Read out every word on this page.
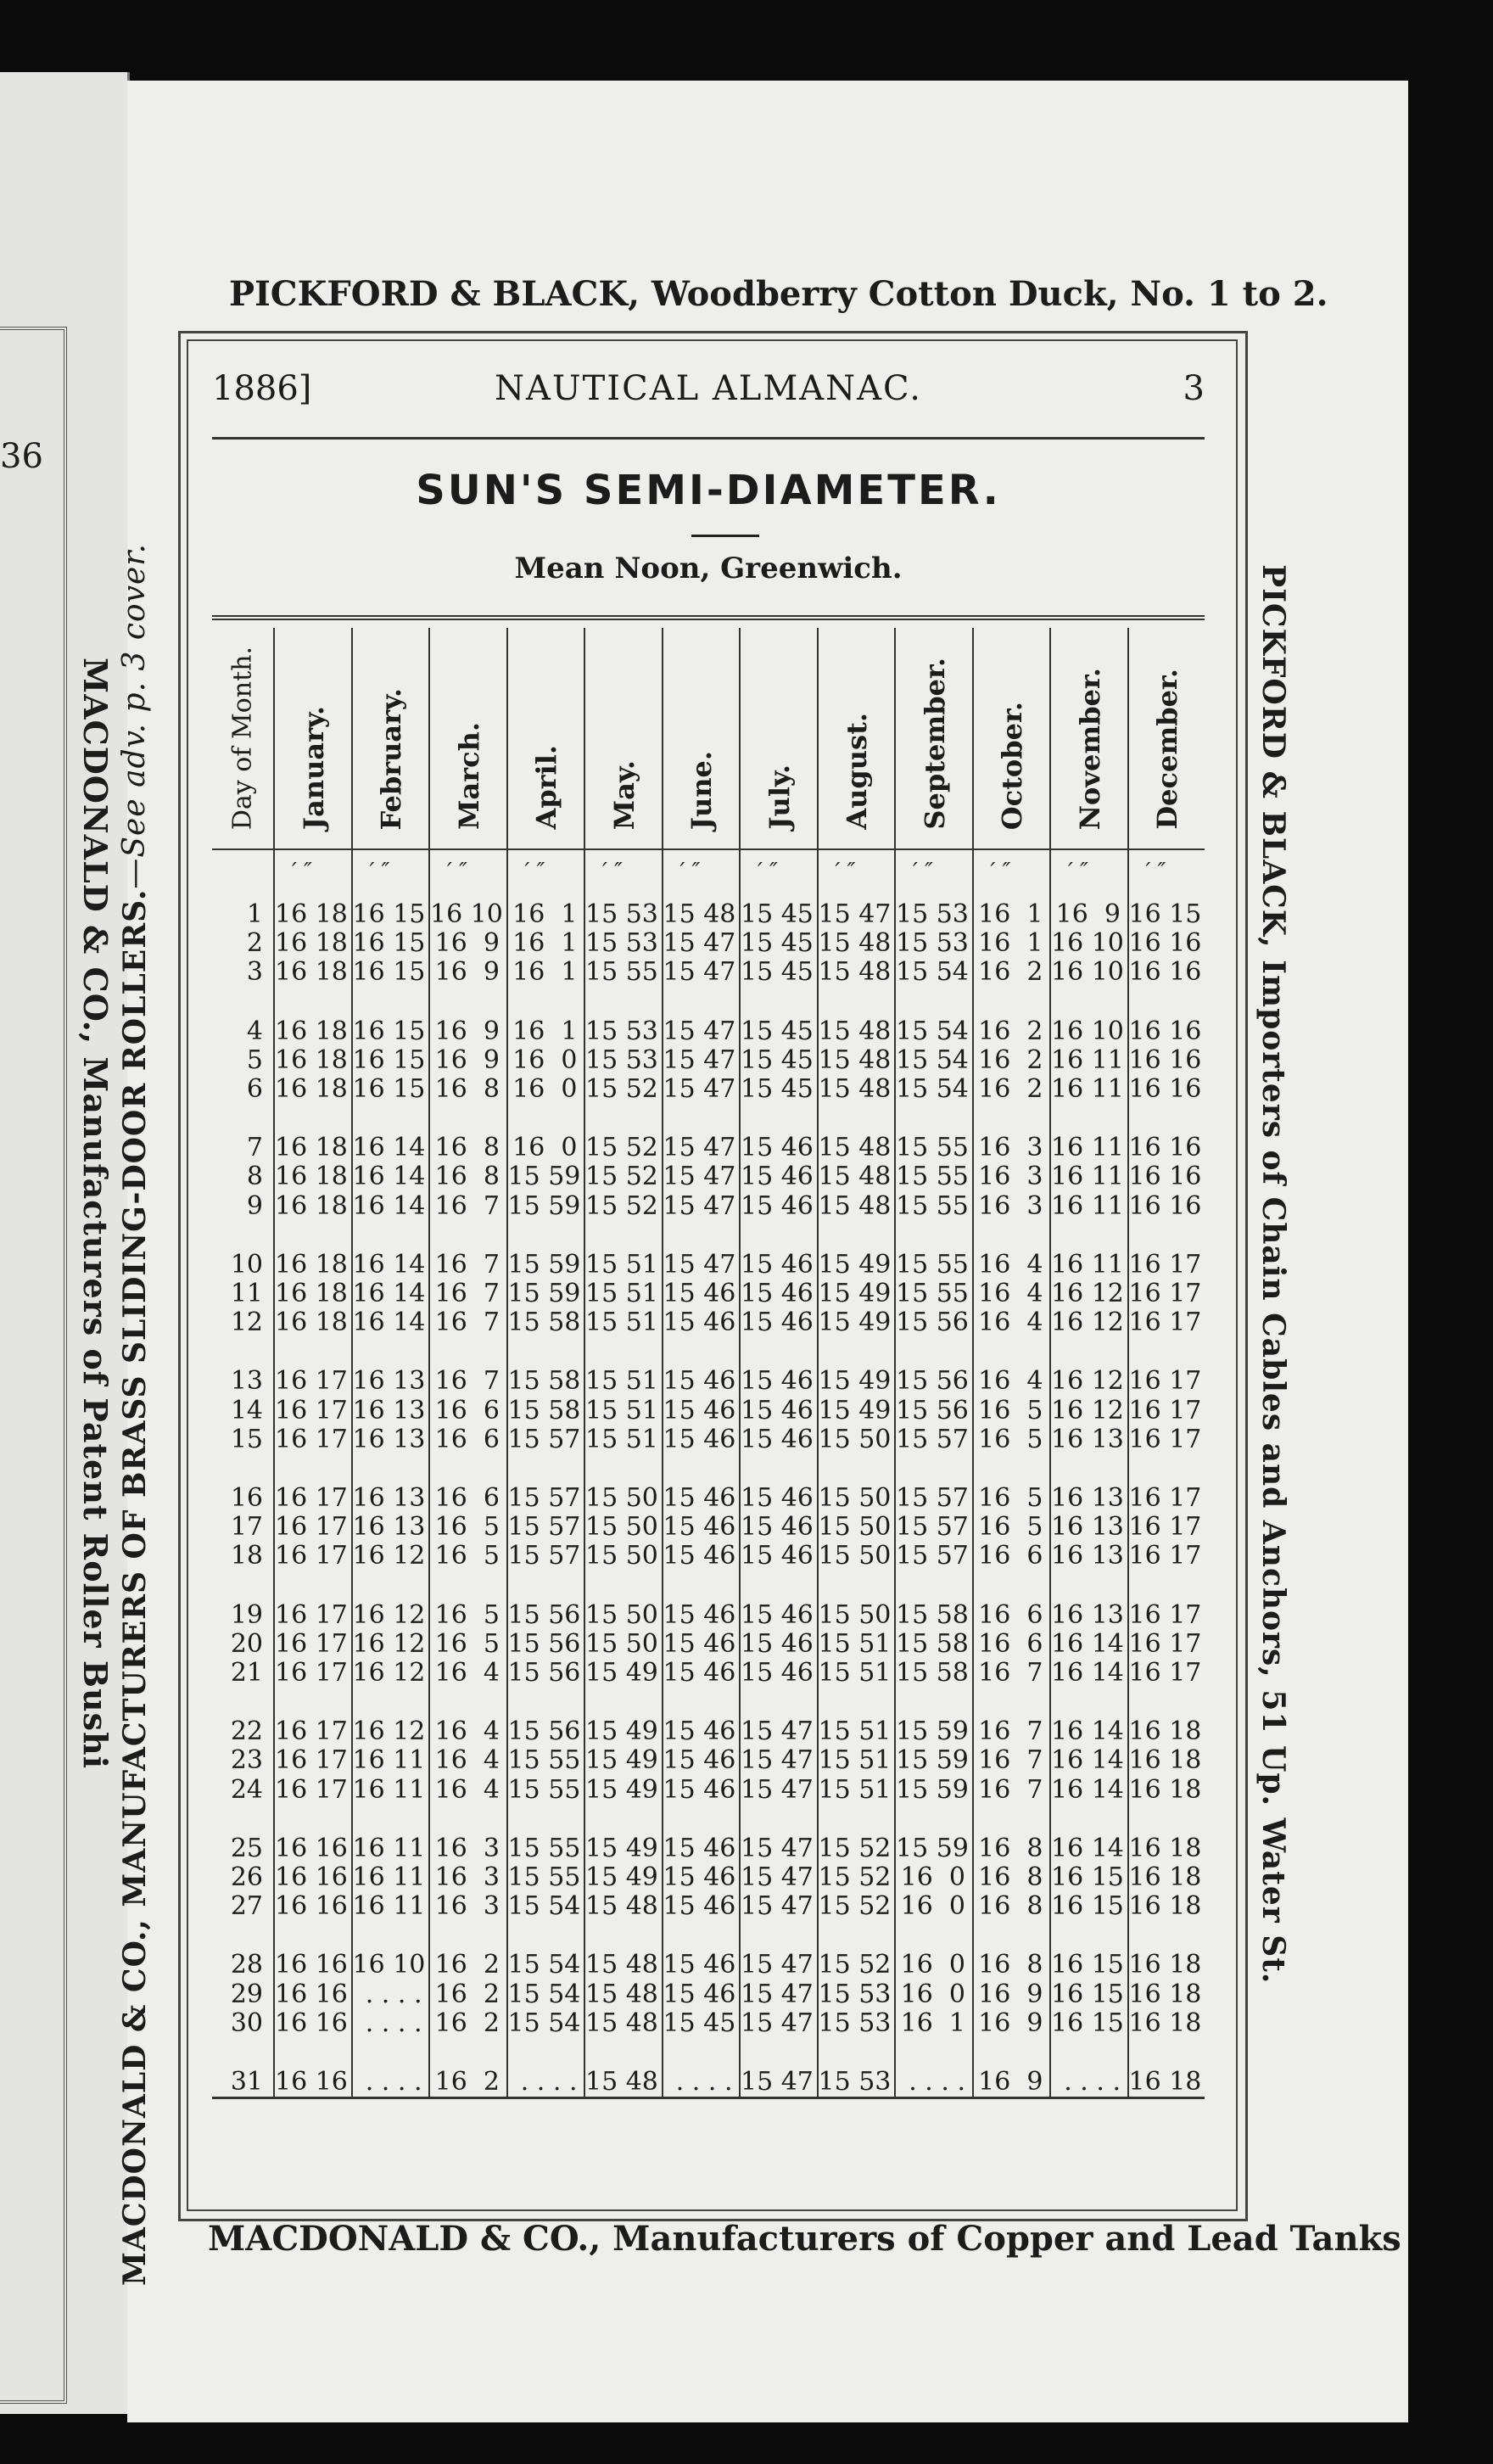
36
MACDONALD & CO., Manufacturers of Patent Roller Bushi
PICKFORD & BLACK, Woodberry Cotton Duck, No. 1 to 2.
1886]	NAUTICAL ALMANAC.	3
SUN'S SEMI-DIAMETER.
Mean Noon, Greenwich.
Day of Month. January.
′ ″
February.
′ ″
March.
′ ″
April.
′ ″
May.
′ ″
June.
′ ″
July.
′ ″
August.
′ ″
September.
′ ″
October.
′ ″
November.
′ ″
December.
′ ″
1 16 18 16 15 16 10 16  1 15 53 15 48 15 45 15 47 15 53 16  1 16  9 16 15
2 16 18 16 15 16  9 16  1 15 53 15 47 15 45 15 48 15 53 16  1 16 10 16 16
3 16 18 16 15 16  9 16  1 15 55 15 47 15 45 15 48 15 54 16  2 16 10 16 16
4 16 18 16 15 16  9 16  1 15 53 15 47 15 45 15 48 15 54 16  2 16 10 16 16
5 16 18 16 15 16  9 16  0 15 53 15 47 15 45 15 48 15 54 16  2 16 11 16 16
6 16 18 16 15 16  8 16  0 15 52 15 47 15 45 15 48 15 54 16  2 16 11 16 16
7 16 18 16 14 16  8 16  0 15 52 15 47 15 46 15 48 15 55 16  3 16 11 16 16
8 16 18 16 14 16  8 15 59 15 52 15 47 15 46 15 48 15 55 16  3 16 11 16 16
9 16 18 16 14 16  7 15 59 15 52 15 47 15 46 15 48 15 55 16  3 16 11 16 16
10 16 18 16 14 16  7 15 59 15 51 15 47 15 46 15 49 15 55 16  4 16 11 16 17
11 16 18 16 14 16  7 15 59 15 51 15 46 15 46 15 49 15 55 16  4 16 12 16 17
12 16 18 16 14 16  7 15 58 15 51 15 46 15 46 15 49 15 56 16  4 16 12 16 17
13 16 17 16 13 16  7 15 58 15 51 15 46 15 46 15 49 15 56 16  4 16 12 16 17
14 16 17 16 13 16  6 15 58 15 51 15 46 15 46 15 49 15 56 16  5 16 12 16 17
15 16 17 16 13 16  6 15 57 15 51 15 46 15 46 15 50 15 57 16  5 16 13 16 17
16 16 17 16 13 16  6 15 57 15 50 15 46 15 46 15 50 15 57 16  5 16 13 16 17
17 16 17 16 13 16  5 15 57 15 50 15 46 15 46 15 50 15 57 16  5 16 13 16 17
18 16 17 16 12 16  5 15 57 15 50 15 46 15 46 15 50 15 57 16  6 16 13 16 17
19 16 17 16 12 16  5 15 56 15 50 15 46 15 46 15 50 15 58 16  6 16 13 16 17
20 16 17 16 12 16  5 15 56 15 50 15 46 15 46 15 51 15 58 16  6 16 14 16 17
21 16 17 16 12 16  4 15 56 15 49 15 46 15 46 15 51 15 58 16  7 16 14 16 17
22 16 17 16 12 16  4 15 56 15 49 15 46 15 47 15 51 15 59 16  7 16 14 16 18
23 16 17 16 11 16  4 15 55 15 49 15 46 15 47 15 51 15 59 16  7 16 14 16 18
24 16 17 16 11 16  4 15 55 15 49 15 46 15 47 15 51 15 59 16  7 16 14 16 18
25 16 16 16 11 16  3 15 55 15 49 15 46 15 47 15 52 15 59 16  8 16 14 16 18
26 16 16 16 11 16  3 15 55 15 49 15 46 15 47 15 52 16  0 16  8 16 15 16 18
27 16 16 16 11 16  3 15 54 15 48 15 46 15 47 15 52 16  0 16  8 16 15 16 18
28 16 16 16 10 16  2 15 54 15 48 15 46 15 47 15 52 16  0 16  8 16 15 16 18
29 16 16 . . . . 16  2 15 54 15 48 15 46 15 47 15 53 16  0 16  9 16 15 16 18
30 16 16 . . . . 16  2 15 54 15 48 15 45 15 47 15 53 16  1 16  9 16 15 16 18
31 16 16 . . . . 16  2 . . . . 15 48 . . . . 15 47 15 53 . . . . 16  9 . . . . 16 18
MACDONALD & CO., Manufacturers of Copper and Lead Tanks
PICKFORD & BLACK, Importers of Chain Cables and Anchors, 51 Up. Water St.
MACDONALD & CO., MANUFACTURERS OF BRASS SLIDING-DOOR ROLLERS.—See adv. p. 3 cover.
